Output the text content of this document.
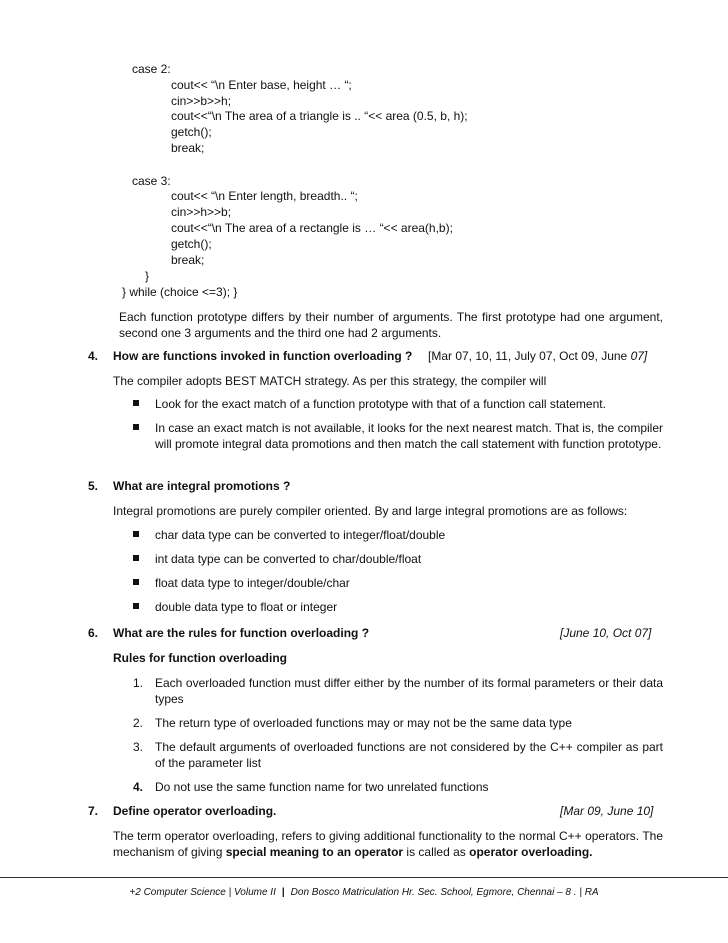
case 2:
cout<< “\n Enter base, height … “;
cin>>b>>h;
cout<<“\n The area of a triangle is .. “<< area (0.5, b, h);
getch();
break;
case 3:
cout<< “\n Enter length, breadth.. “;
cin>>h>>b;
cout<<“\n The area of a rectangle is … “<< area(h,b);
getch();
break;
}
} while (choice <=3); }
Each function prototype differs by their number of arguments. The first prototype had one argument, second one 3 arguments and the third one had 2 arguments.
4. How are functions invoked in function overloading ? [Mar 07, 10, 11, July 07, Oct 09, June 07]
The compiler adopts BEST MATCH strategy. As per this strategy, the compiler will
Look for the exact match of a function prototype with that of a function call statement.
In case an exact match is not available, it looks for the next nearest match. That is, the compiler will promote integral data promotions and then match the call statement with function prototype.
5. What are integral promotions ?
Integral promotions are purely compiler oriented. By and large integral promotions are as follows:
char data type can be converted to integer/float/double
int data type can be converted to char/double/float
float data type to integer/double/char
double data type to float or integer
6. What are the rules for function overloading ?	[June 10, Oct 07]
Rules for function overloading
1. Each overloaded function must differ either by the number of its formal parameters or their data types
2. The return type of overloaded functions may or may not be the same data type
3. The default arguments of overloaded functions are not considered by the C++ compiler as part of the parameter list
4. Do not use the same function name for two unrelated functions
7. Define operator overloading.	[Mar 09, June 10]
The term operator overloading, refers to giving additional functionality to the normal C++ operators. The mechanism of giving special meaning to an operator is called as operator overloading.
+2 Computer Science | Volume II | Don Bosco Matriculation Hr. Sec. School, Egmore, Chennai – 8 . | RA
